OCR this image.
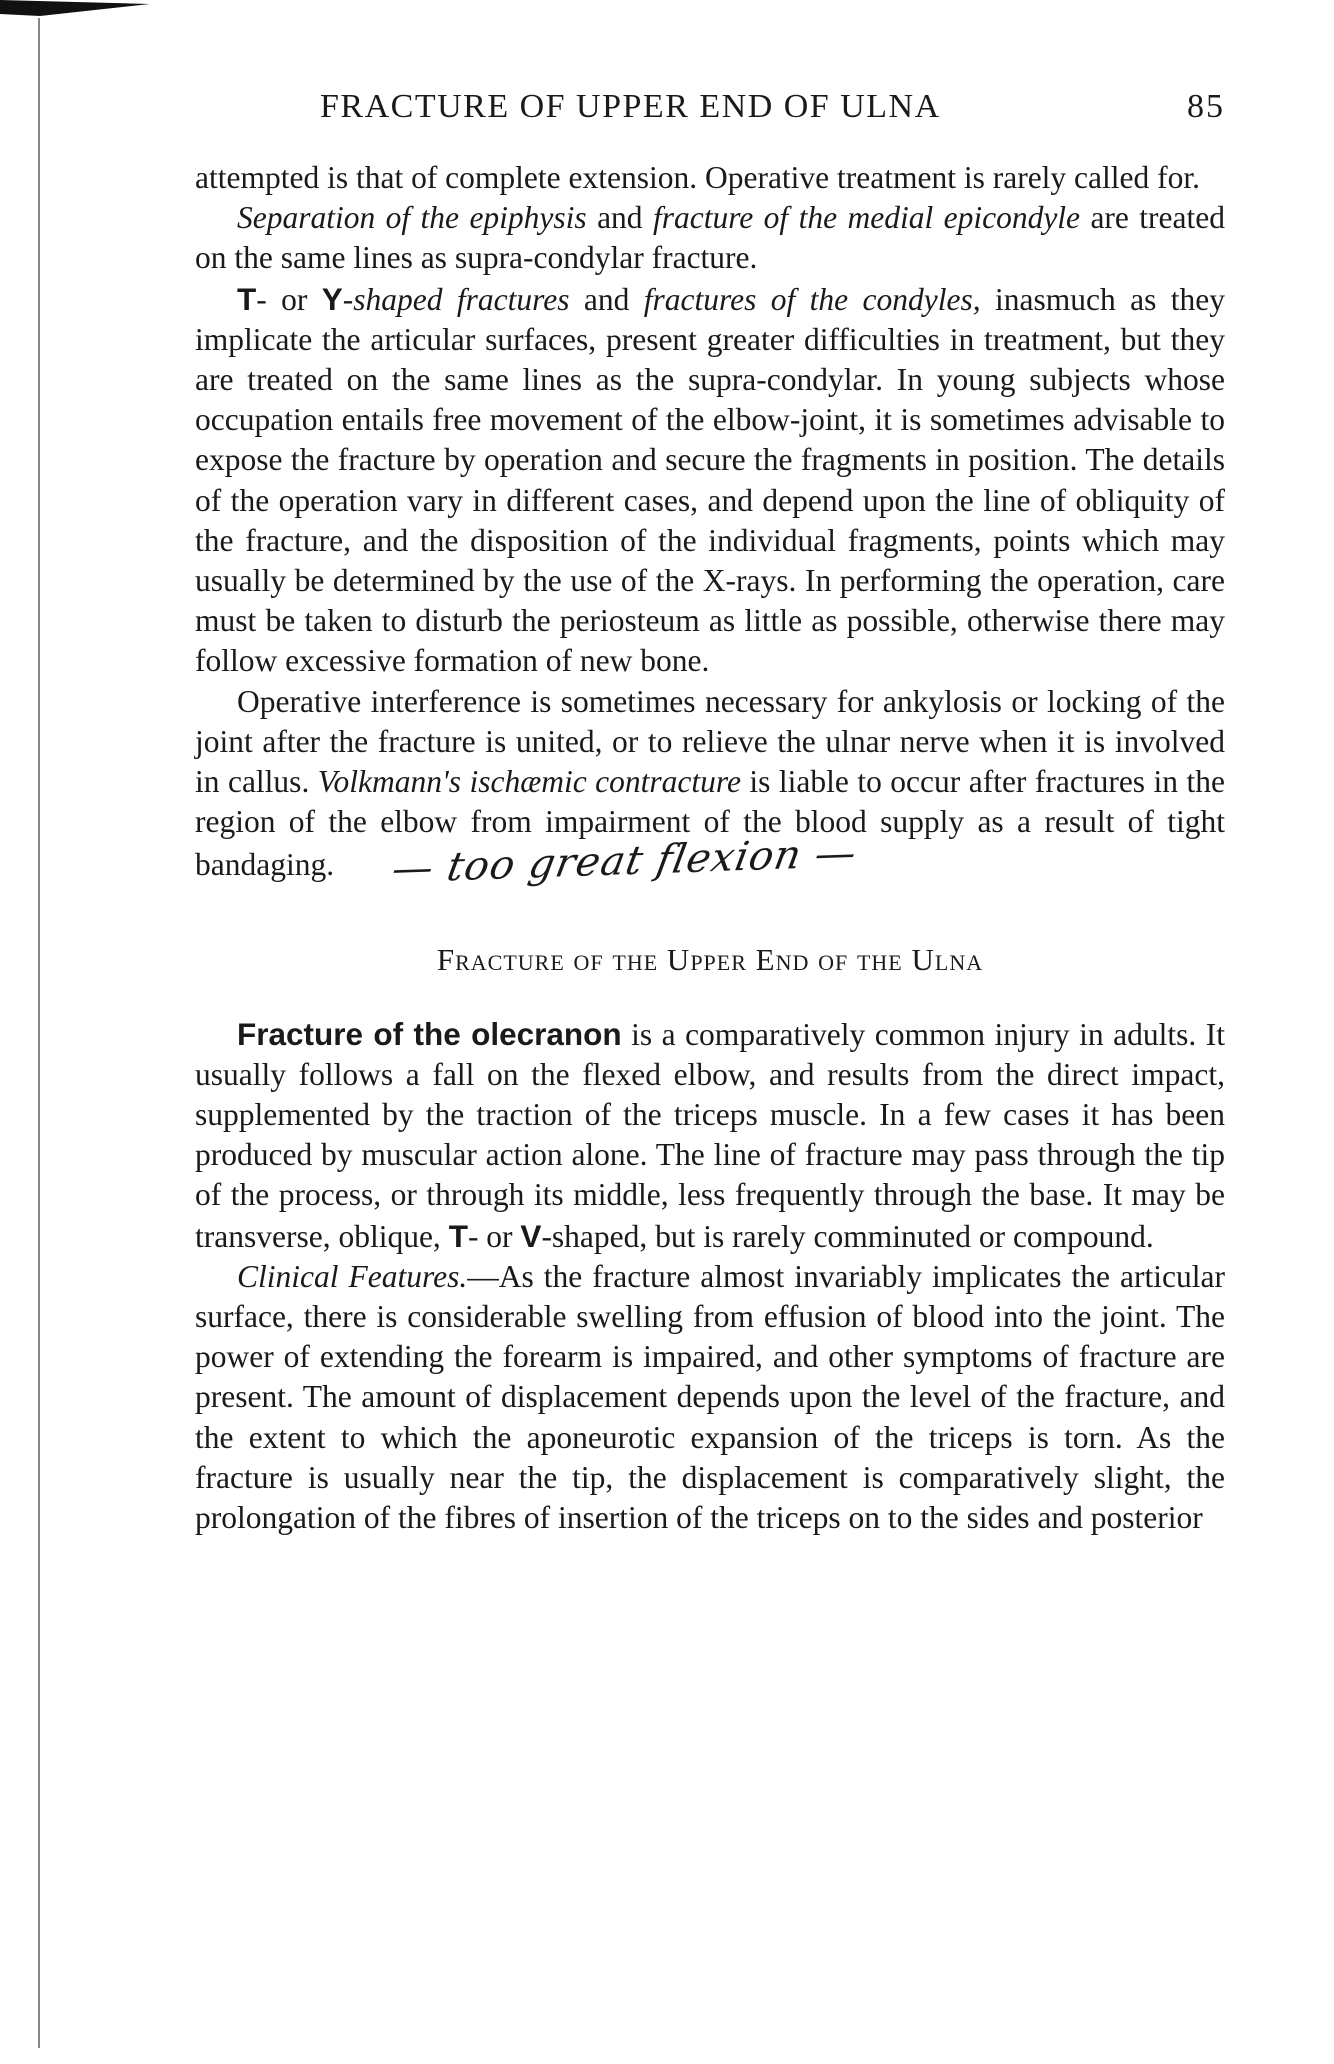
FRACTURE OF UPPER END OF ULNA	85

attempted is that of complete extension. Operative treatment is rarely called for.

Separation of the epiphysis and fracture of the medial epicondyle are treated on the same lines as supra-condylar fracture.

T- or Y-shaped fractures and fractures of the condyles, inasmuch as they implicate the articular surfaces, present greater difficulties in treatment, but they are treated on the same lines as the supra-condylar. In young subjects whose occupation entails free movement of the elbow-joint, it is sometimes advisable to expose the fracture by operation and secure the fragments in position. The details of the operation vary in different cases, and depend upon the line of obliquity of the fracture, and the disposition of the individual fragments, points which may usually be determined by the use of the X-rays. In performing the operation, care must be taken to disturb the periosteum as little as possible, otherwise there may follow excessive formation of new bone.

Operative interference is sometimes necessary for ankylosis or locking of the joint after the fracture is united, or to relieve the ulnar nerve when it is involved in callus. Volkmann's ischæmic contracture is liable to occur after fractures in the region of the elbow from impairment of the blood supply as a result of tight bandaging. — too great flexion —

Fracture of the Upper End of the Ulna

Fracture of the olecranon is a comparatively common injury in adults. It usually follows a fall on the flexed elbow, and results from the direct impact, supplemented by the traction of the triceps muscle. In a few cases it has been produced by muscular action alone. The line of fracture may pass through the tip of the process, or through its middle, less frequently through the base. It may be transverse, oblique, T- or V-shaped, but is rarely comminuted or compound.

Clinical Features.—As the fracture almost invariably implicates the articular surface, there is considerable swelling from effusion of blood into the joint. The power of extending the forearm is impaired, and other symptoms of fracture are present. The amount of displacement depends upon the level of the fracture, and the extent to which the aponeurotic expansion of the triceps is torn. As the fracture is usually near the tip, the displacement is comparatively slight, the prolongation of the fibres of insertion of the triceps on to the sides and posterior
